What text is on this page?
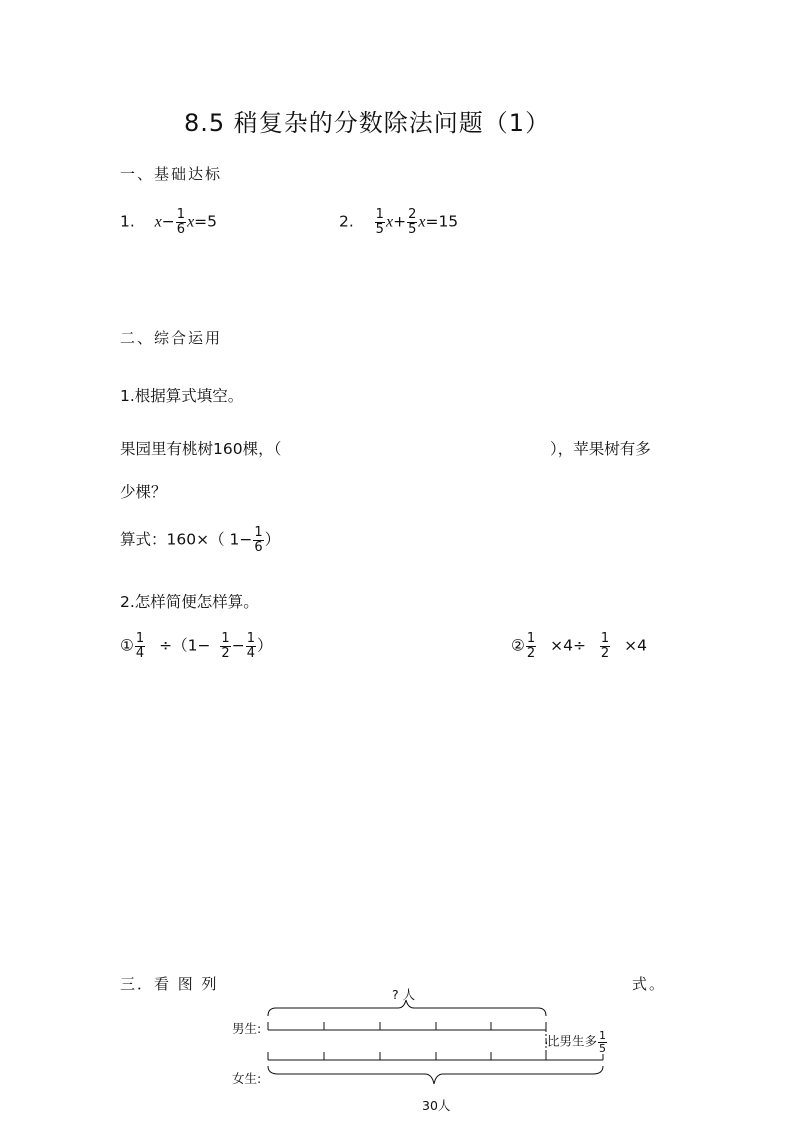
8.5 稍复杂的分数除法问题（1）
一、基础达标
1. $x- \frac{1}{6} x=5$	2. $\frac{1}{5} x+ \frac{2}{5} x=15$
二、综合运用
1.根据算式填空。
果园里有桃树160棵，（	），苹果树有多
少棵？
算式：160×（ $1- \frac{1}{6}$ ）
2.怎样简便怎样算。
① $\frac{1}{4} \div(1- \frac{1}{2} - \frac{1}{4}$ ）	② $\frac{1}{2} \times 4\div \frac{1}{2} \times 4$
三．看 图 列	式。
? 人
男生:
女生:
比男生多 $\frac{1}{5}$
30人
